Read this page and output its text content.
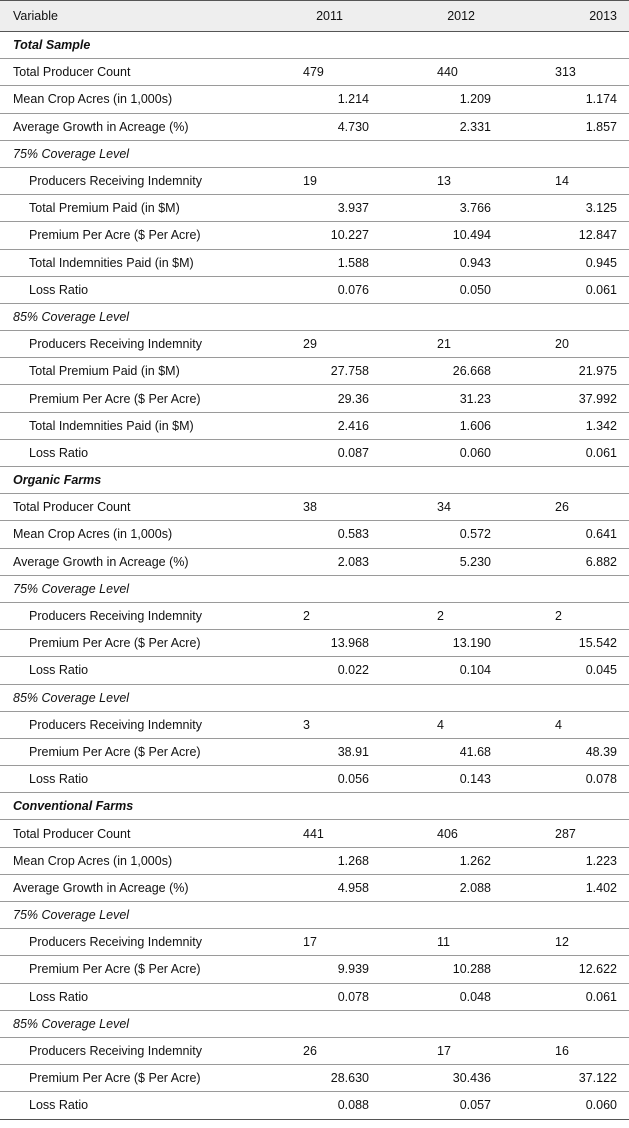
Variable	2011	2012	2013
Total Sample			
Total Producer Count	479	440	313
Mean Crop Acres (in 1,000s)	1.214	1.209	1.174
Average Growth in Acreage (%)	4.730	2.331	1.857
75% Coverage Level			
Producers Receiving Indemnity	19	13	14
Total Premium Paid (in $M)	3.937	3.766	3.125
Premium Per Acre ($ Per Acre)	10.227	10.494	12.847
Total Indemnities Paid (in $M)	1.588	0.943	0.945
Loss Ratio	0.076	0.050	0.061
85% Coverage Level			
Producers Receiving Indemnity	29	21	20
Total Premium Paid (in $M)	27.758	26.668	21.975
Premium Per Acre ($ Per Acre)	29.36	31.23	37.992
Total Indemnities Paid (in $M)	2.416	1.606	1.342
Loss Ratio	0.087	0.060	0.061
Organic Farms			
Total Producer Count	38	34	26
Mean Crop Acres (in 1,000s)	0.583	0.572	0.641
Average Growth in Acreage (%)	2.083	5.230	6.882
75% Coverage Level			
Producers Receiving Indemnity	2	2	2
Premium Per Acre ($ Per Acre)	13.968	13.190	15.542
Loss Ratio	0.022	0.104	0.045
85% Coverage Level			
Producers Receiving Indemnity	3	4	4
Premium Per Acre ($ Per Acre)	38.91	41.68	48.39
Loss Ratio	0.056	0.143	0.078
Conventional Farms			
Total Producer Count	441	406	287
Mean Crop Acres (in 1,000s)	1.268	1.262	1.223
Average Growth in Acreage (%)	4.958	2.088	1.402
75% Coverage Level			
Producers Receiving Indemnity	17	11	12
Premium Per Acre ($ Per Acre)	9.939	10.288	12.622
Loss Ratio	0.078	0.048	0.061
85% Coverage Level			
Producers Receiving Indemnity	26	17	16
Premium Per Acre ($ Per Acre)	28.630	30.436	37.122
Loss Ratio	0.088	0.057	0.060
